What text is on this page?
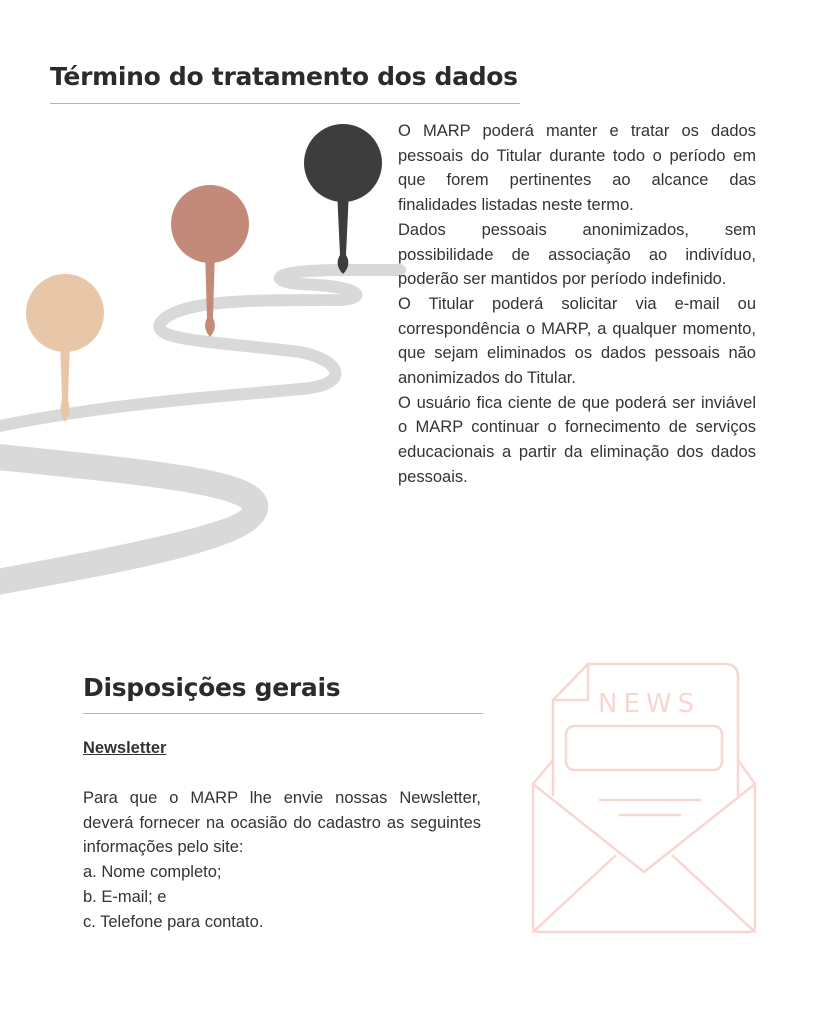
NEWS
Término do tratamento dos dados
O MARP poderá manter e tratar os dados pessoais do Titular durante todo o período em que forem pertinentes ao alcance das finalidades listadas neste termo.
Dados pessoais anonimizados, sem possibilidade de associação ao indivíduo, poderão ser mantidos por período indefinido.
O Titular poderá solicitar via e-mail ou correspondência o MARP, a qualquer momento, que sejam eliminados os dados pessoais não anonimizados do Titular.
O usuário fica ciente de que poderá ser inviável o MARP continuar o fornecimento de serviços educacionais a partir da eliminação dos dados pessoais.
Disposições gerais
Newsletter
Para que o MARP lhe envie nossas Newsletter, deverá fornecer na ocasião do cadastro as seguintes informações pelo site:

a. Nome completo;

b. E-mail; e

c. Telefone para contato.
